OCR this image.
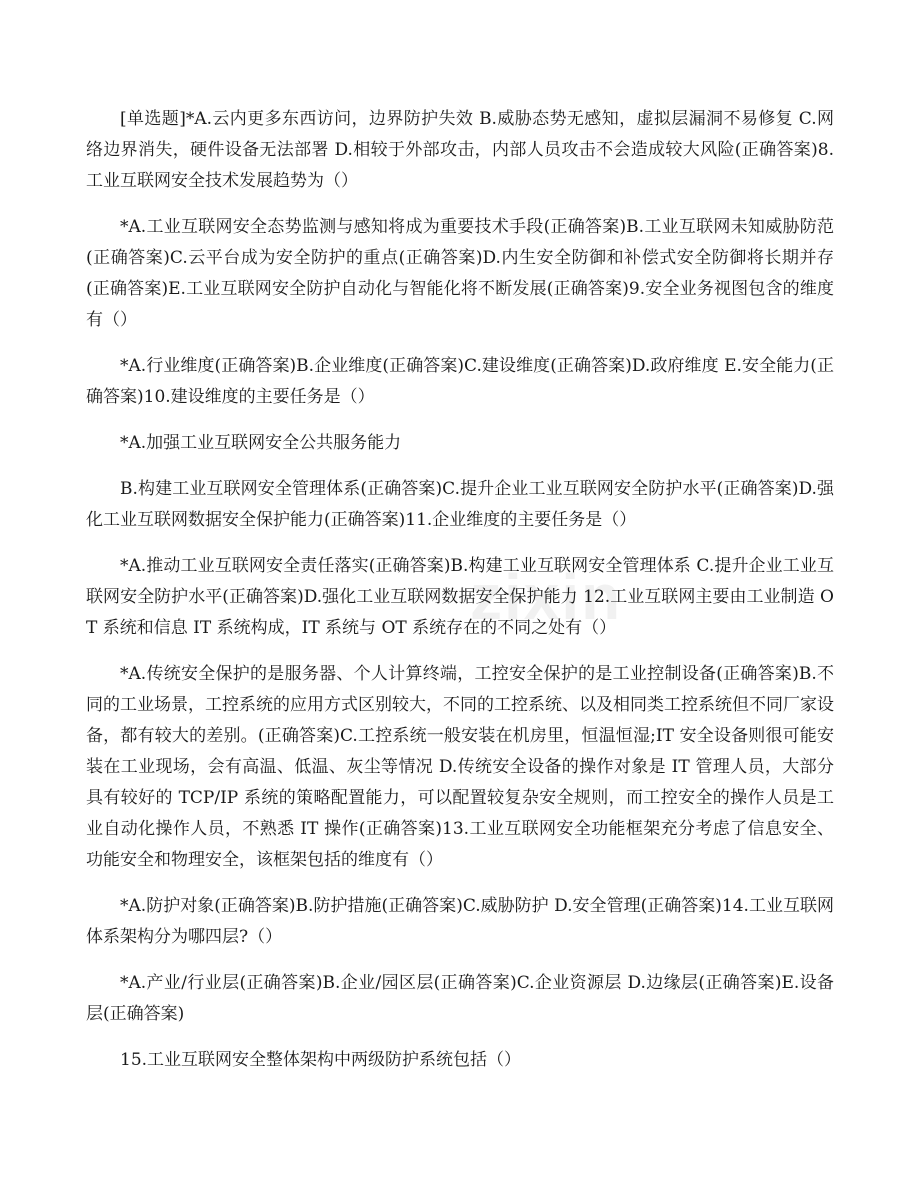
zixin

[单选题]*A.云内更多东西访问，边界防护失效 B.威胁态势无感知，虚拟层漏洞不易修复 C.网络边界消失，硬件设备无法部署 D.相较于外部攻击，内部人员攻击不会造成较大风险(正确答案)8.工业互联网安全技术发展趋势为（）

*A.工业互联网安全态势监测与感知将成为重要技术手段(正确答案)B.工业互联网未知威胁防范(正确答案)C.云平台成为安全防护的重点(正确答案)D.内生安全防御和补偿式安全防御将长期并存(正确答案)E.工业互联网安全防护自动化与智能化将不断发展(正确答案)9.安全业务视图包含的维度有（）

*A.行业维度(正确答案)B.企业维度(正确答案)C.建设维度(正确答案)D.政府维度 E.安全能力(正确答案)10.建设维度的主要任务是（）

*A.加强工业互联网安全公共服务能力

B.构建工业互联网安全管理体系(正确答案)C.提升企业工业互联网安全防护水平(正确答案)D.强化工业互联网数据安全保护能力(正确答案)11.企业维度的主要任务是（）

*A.推动工业互联网安全责任落实(正确答案)B.构建工业互联网安全管理体系 C.提升企业工业互联网安全防护水平(正确答案)D.强化工业互联网数据安全保护能力 12.工业互联网主要由工业制造 OT 系统和信息 IT 系统构成，IT 系统与 OT 系统存在的不同之处有（）

*A.传统安全保护的是服务器、个人计算终端，工控安全保护的是工业控制设备(正确答案)B.不同的工业场景，工控系统的应用方式区别较大，不同的工控系统、以及相同类工控系统但不同厂家设备，都有较大的差别。(正确答案)C.工控系统一般安装在机房里，恒温恒湿;IT 安全设备则很可能安装在工业现场，会有高温、低温、灰尘等情况 D.传统安全设备的操作对象是 IT 管理人员，大部分具有较好的 TCP/IP 系统的策略配置能力，可以配置较复杂安全规则，而工控安全的操作人员是工业自动化操作人员，不熟悉 IT 操作(正确答案)13.工业互联网安全功能框架充分考虑了信息安全、功能安全和物理安全，该框架包括的维度有（）

*A.防护对象(正确答案)B.防护措施(正确答案)C.威胁防护 D.安全管理(正确答案)14.工业互联网体系架构分为哪四层?（）

*A.产业/行业层(正确答案)B.企业/园区层(正确答案)C.企业资源层 D.边缘层(正确答案)E.设备层(正确答案)

15.工业互联网安全整体架构中两级防护系统包括（）
